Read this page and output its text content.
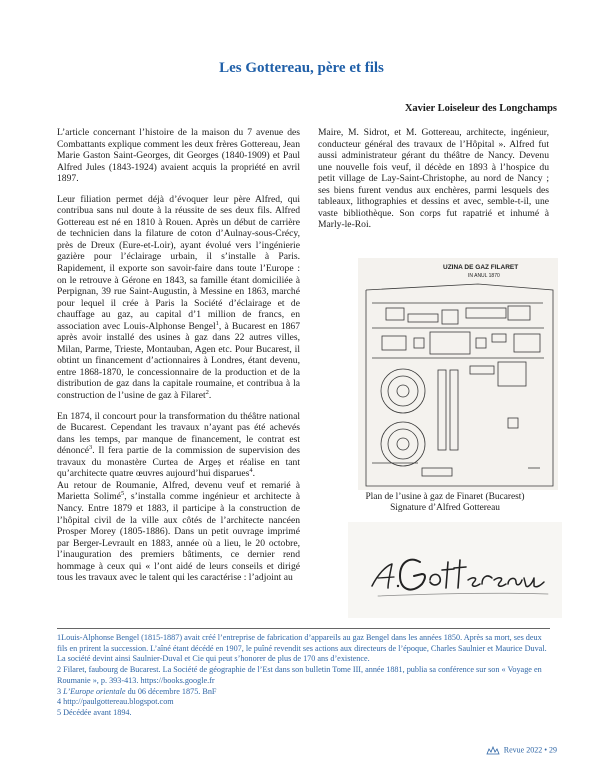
Les Gottereau, père et fils
Xavier Loiseleur des Longchamps

L’article concernant l’histoire de la maison du 7 avenue des Combattants explique comment les deux frères Gottereau, Jean Marie Gaston Saint-Georges, dit Georges (1840-1909) et Paul Alfred Jules (1843-1924) avaient acquis la propriété en avril 1897.

Leur filiation permet déjà d’évoquer leur père Alfred, qui contribua sans nul doute à la réussite de ses deux fils. Alfred Gottereau est né en 1810 à Rouen. Après un début de carrière de technicien dans la filature de coton d’Aulnay-sous-Crécy, près de Dreux (Eure-et-Loir), ayant évolué vers l’ingénierie gazière pour l’éclairage urbain, il s’installe à Paris. Rapidement, il exporte son savoir-faire dans toute l’Europe : on le retrouve à Gérone en 1843, sa famille étant domiciliée à Perpignan, 39 rue Saint-Augustin, à Messine en 1863, marché pour lequel il crée à Paris la Société d’éclairage et de chauffage au gaz, au capital d’1 million de francs, en association avec Louis-Alphonse Bengel$^1$, à Bucarest en 1867 après avoir installé des usines à gaz dans 22 autres villes, Milan, Parme, Trieste, Montauban, Agen etc. Pour Bucarest, il obtint un financement d’actionnaires à Londres, étant devenu, entre 1868-1870, le concessionnaire de la production et de la distribution de gaz dans la capitale roumaine, et contribua à la construction de l’usine de gaz à Filaret$^2$.

En 1874, il concourt pour la transformation du théâtre national de Bucarest. Cependant les travaux n’ayant pas été achevés dans les temps, par manque de financement, le contrat est dénoncé$^3$. Il fera partie de la commission de supervision des travaux du monastère Curtea de Argeș et réalise en tant qu’architecte quatre œuvres aujourd’hui disparues$^4$.

Au retour de Roumanie, Alfred, devenu veuf et remarié à Marietta Solimé$^5$, s’installa comme ingénieur et architecte à Nancy. Entre 1879 et 1883, il participe à la construction de l’hôpital civil de la ville aux côtés de l’architecte nancéen Prosper Morey (1805-1886). Dans un petit ouvrage imprimé par Berger-Levrault en 1883, année où a lieu, le 20 octobre, l’inauguration des premiers bâtiments, ce dernier rend hommage à ceux qui « l’ont aidé de leurs conseils et dirigé tous les travaux avec le talent qui les caractérise : l’adjoint au

Maire, M. Sidrot, et M. Gottereau, architecte, ingénieur, conducteur général des travaux de l’Hôpital ». Alfred fut aussi administrateur gérant du théâtre de Nancy. Devenu une nouvelle fois veuf, il décède en 1893 à l’hospice du petit village de Lay-Saint-Christophe, au nord de Nancy ; ses biens furent vendus aux enchères, parmi lesquels des tableaux, lithographies et dessins et avec, semble-t-il, une vaste bibliothèque. Son corps fut rapatrié et inhumé à Marly-le-Roi.

UZINA DE GAZ FILARET
IN ANUL 1870
Plan de l’usine à gaz de Finaret (Bucarest)
Signature d’Alfred Gottereau
1Louis-Alphonse Bengel (1815-1887) avait créé l’entreprise de fabrication d’appareils au gaz Bengel dans les années 1850. Après sa mort, ses deux fils en prirent la succession. L’aîné étant décédé en 1907, le puîné revendit ses actions aux directeurs de l’époque, Charles Saulnier et Maurice Duval. La société devint ainsi Saulnier-Duval et Cie qui peut s’honorer de plus de 170 ans d’existence.
2 Filaret, faubourg de Bucarest. La Société de géographie de l’Est dans son bulletin Tome III, année 1881, publia sa conférence sur son « Voyage en Roumanie », p. 393-413. https://books.google.fr
3 L’Europe orientale du 06 décembre 1875. BnF
4 http://paulgottereau.blogspot.com
5 Décédée avant 1894.
Revue 2022 • 29
